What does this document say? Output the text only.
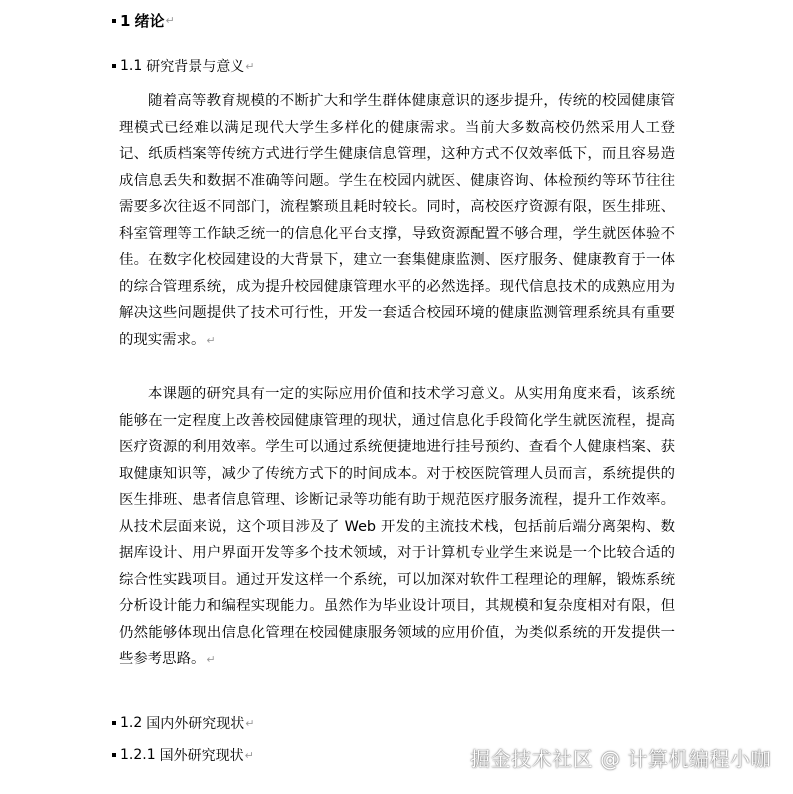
1 绪论 ↵
1.1 研究背景与意义 ↵
随着高等教育规模的不断扩大和学生群体健康意识的逐步提升，传统的校园健康管理模式已经难以满足现代大学生多样化的健康需求。当前大多数高校仍然采用人工登记、纸质档案等传统方式进行学生健康信息管理，这种方式不仅效率低下，而且容易造成信息丢失和数据不准确等问题。学生在校园内就医、健康咨询、体检预约等环节往往需要多次往返不同部门，流程繁琐且耗时较长。同时，高校医疗资源有限，医生排班、科室管理等工作缺乏统一的信息化平台支撑，导致资源配置不够合理，学生就医体验不佳。在数字化校园建设的大背景下，建立一套集健康监测、医疗服务、健康教育于一体的综合管理系统，成为提升校园健康管理水平的必然选择。现代信息技术的成熟应用为解决这些问题提供了技术可行性，开发一套适合校园环境的健康监测管理系统具有重要的现实需求。↵
本课题的研究具有一定的实际应用价值和技术学习意义。从实用角度来看，该系统能够在一定程度上改善校园健康管理的现状，通过信息化手段简化学生就医流程，提高医疗资源的利用效率。学生可以通过系统便捷地进行挂号预约、查看个人健康档案、获取健康知识等，减少了传统方式下的时间成本。对于校医院管理人员而言，系统提供的医生排班、患者信息管理、诊断记录等功能有助于规范医疗服务流程，提升工作效率。从技术层面来说，这个项目涉及了 Web 开发的主流技术栈，包括前后端分离架构、数据库设计、用户界面开发等多个技术领域，对于计算机专业学生来说是一个比较合适的综合性实践项目。通过开发这样一个系统，可以加深对软件工程理论的理解，锻炼系统分析设计能力和编程实现能力。虽然作为毕业设计项目，其规模和复杂度相对有限，但仍然能够体现出信息化管理在校园健康服务领域的应用价值，为类似系统的开发提供一些参考思路。↵
1.2 国内外研究现状 ↵
1.2.1 国外研究现状 ↵	掘金技术社区 @ 计算机编程小咖
